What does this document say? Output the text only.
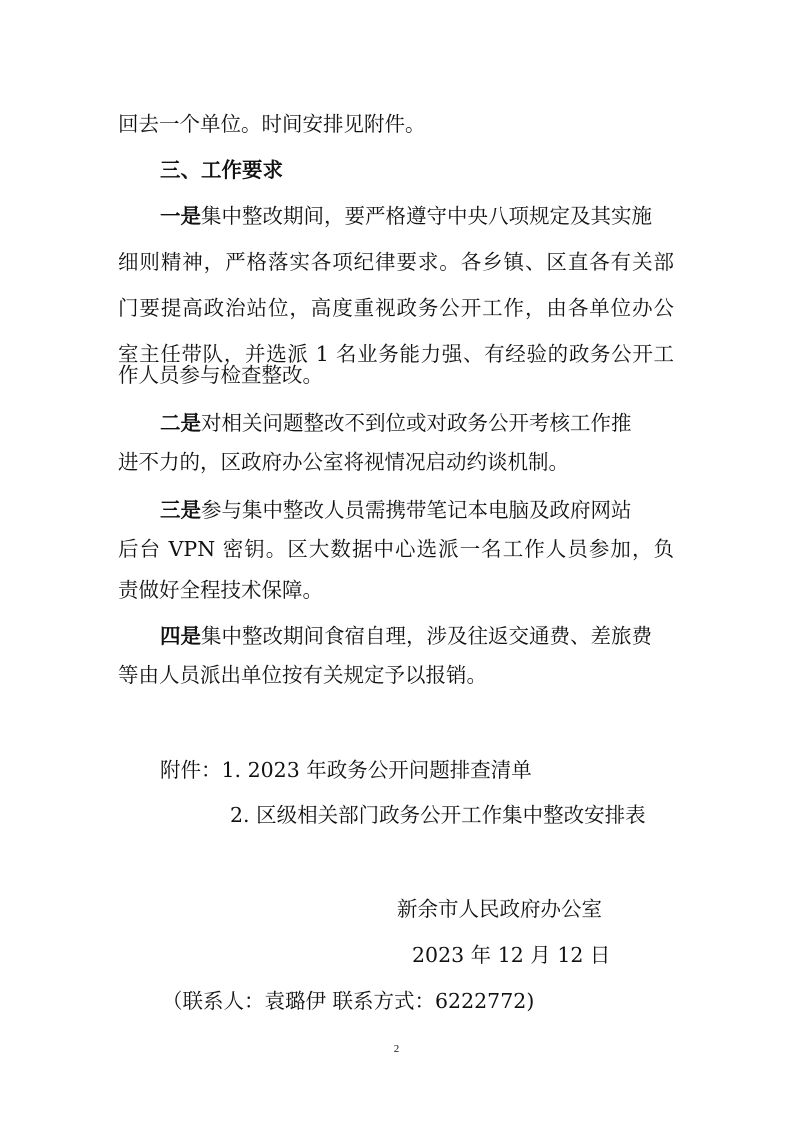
回去一个单位。时间安排见附件。
三、工作要求
一是集中整改期间，要严格遵守中央八项规定及其实施
细则精神，严格落实各项纪律要求。各乡镇、区直各有关部
门要提高政治站位，高度重视政务公开工作，由各单位办公
室主任带队，并选派 1 名业务能力强、有经验的政务公开工
作人员参与检查整改。
二是对相关问题整改不到位或对政务公开考核工作推
进不力的，区政府办公室将视情况启动约谈机制。
三是参与集中整改人员需携带笔记本电脑及政府网站
后台 VPN 密钥。区大数据中心选派一名工作人员参加，负
责做好全程技术保障。
四是集中整改期间食宿自理，涉及往返交通费、差旅费
等由人员派出单位按有关规定予以报销。
附件：1. 2023 年政务公开问题排查清单
2. 区级相关部门政务公开工作集中整改安排表
新余市人民政府办公室
2023 年 12 月 12 日
（联系人：袁璐伊 联系方式：6222772)
2
